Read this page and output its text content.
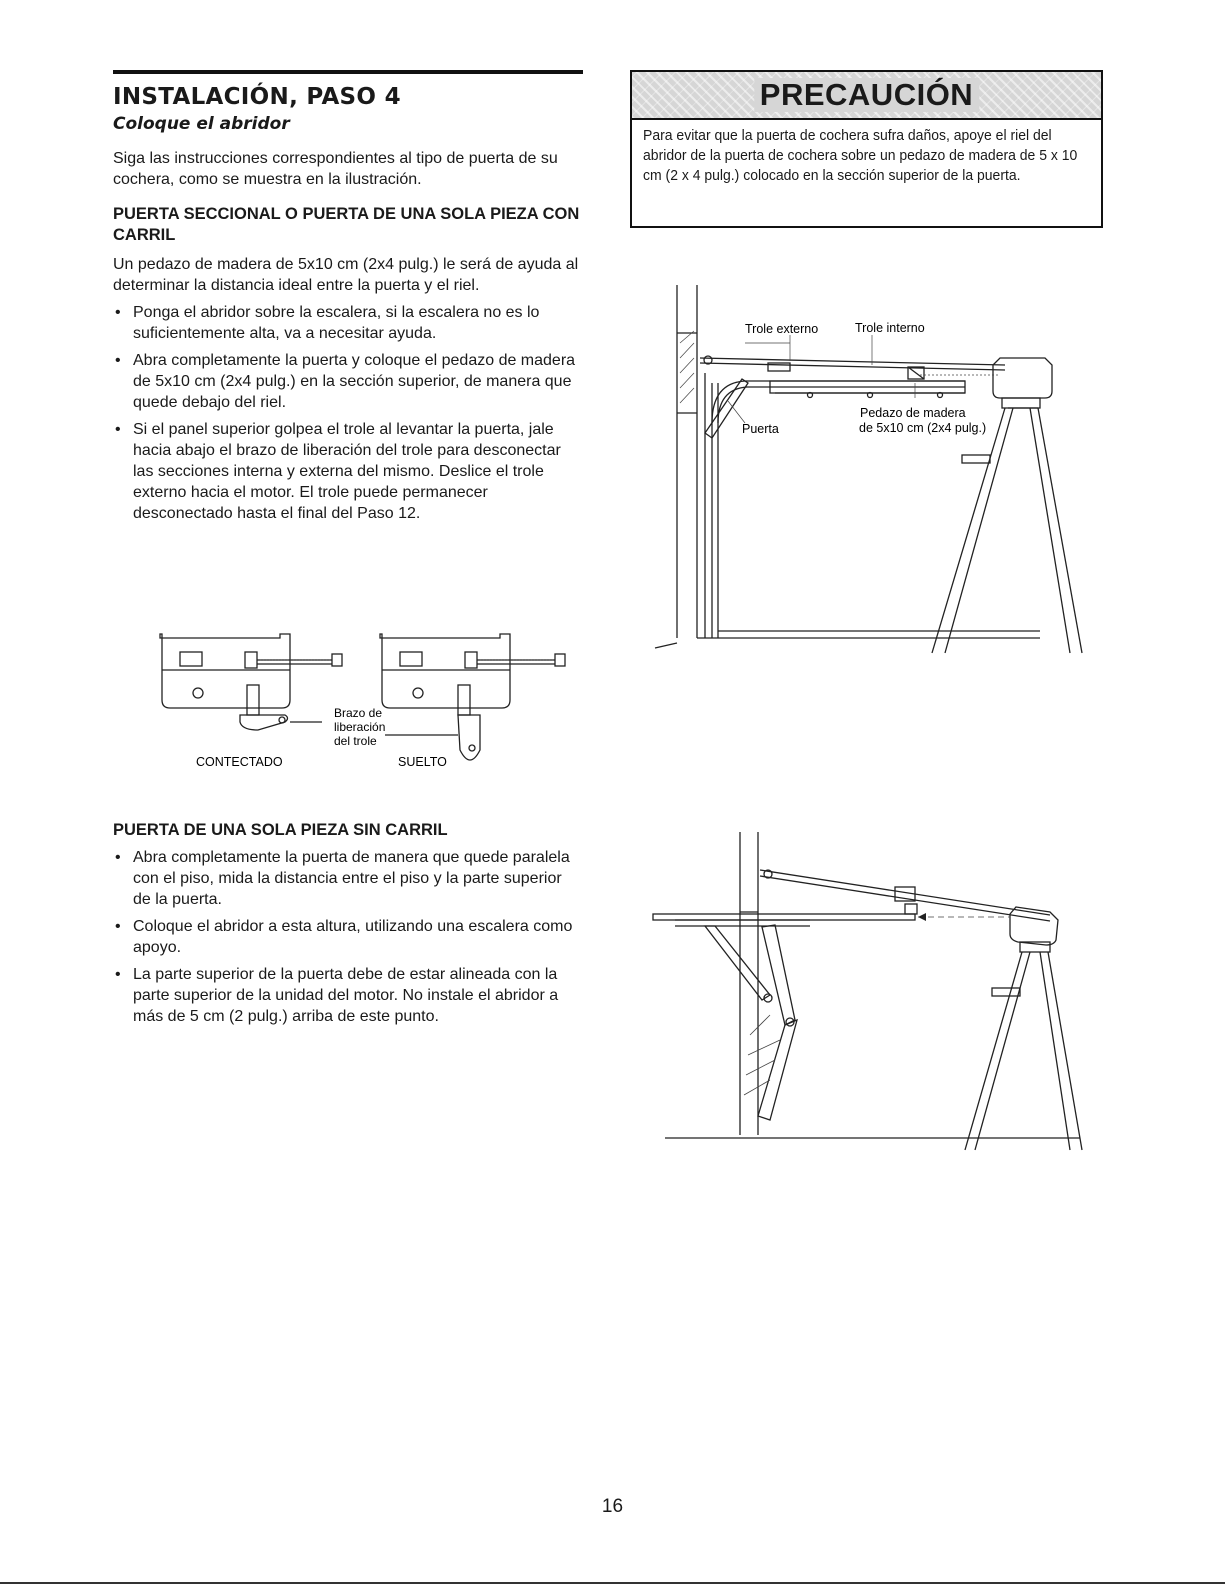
INSTALACIÓN, PASO 4
Coloque el abridor

Siga las instrucciones correspondientes al tipo de puerta de su cochera, como se muestra en la ilustración.

PUERTA SECCIONAL O PUERTA DE UNA SOLA PIEZA CON CARRIL

Un pedazo de madera de 5x10 cm (2x4 pulg.) le será de ayuda al determinar la distancia ideal entre la puerta y el riel.

• Ponga el abridor sobre la escalera, si la escalera no es lo suficientemente alta, va a necesitar ayuda.
• Abra completamente la puerta y coloque el pedazo de madera de 5x10 cm (2x4 pulg.) en la sección superior, de manera que quede debajo del riel.
• Si el panel superior golpea el trole al levantar la puerta, jale hacia abajo el brazo de liberación del trole para desconectar las secciones interna y externa del mismo. Deslice el trole externo hacia el motor. El trole puede permanecer desconectado hasta el final del Paso 12.
Brazo de
liberación
del trole
CONTECTADO	SUELTO
PUERTA DE UNA SOLA PIEZA SIN CARRIL
• Abra completamente la puerta de manera que quede paralela con el piso, mida la distancia entre el piso y la parte superior de la puerta.
• Coloque el abridor a esta altura, utilizando una escalera como apoyo.
• La parte superior de la puerta debe de estar alineada con la parte superior de la unidad del motor. No instale el abridor a más de 5 cm (2 pulg.) arriba de este punto.
PRECAUCIÓN
Para evitar que la puerta de cochera sufra daños, apoye el riel del abridor de la puerta de cochera sobre un pedazo de madera de 5 x 10 cm (2 x 4 pulg.) colocado en la sección superior de la puerta.
Trole externo	Trole interno
Puerta
Pedazo de madera
de 5x10 cm (2x4 pulg.)
16
